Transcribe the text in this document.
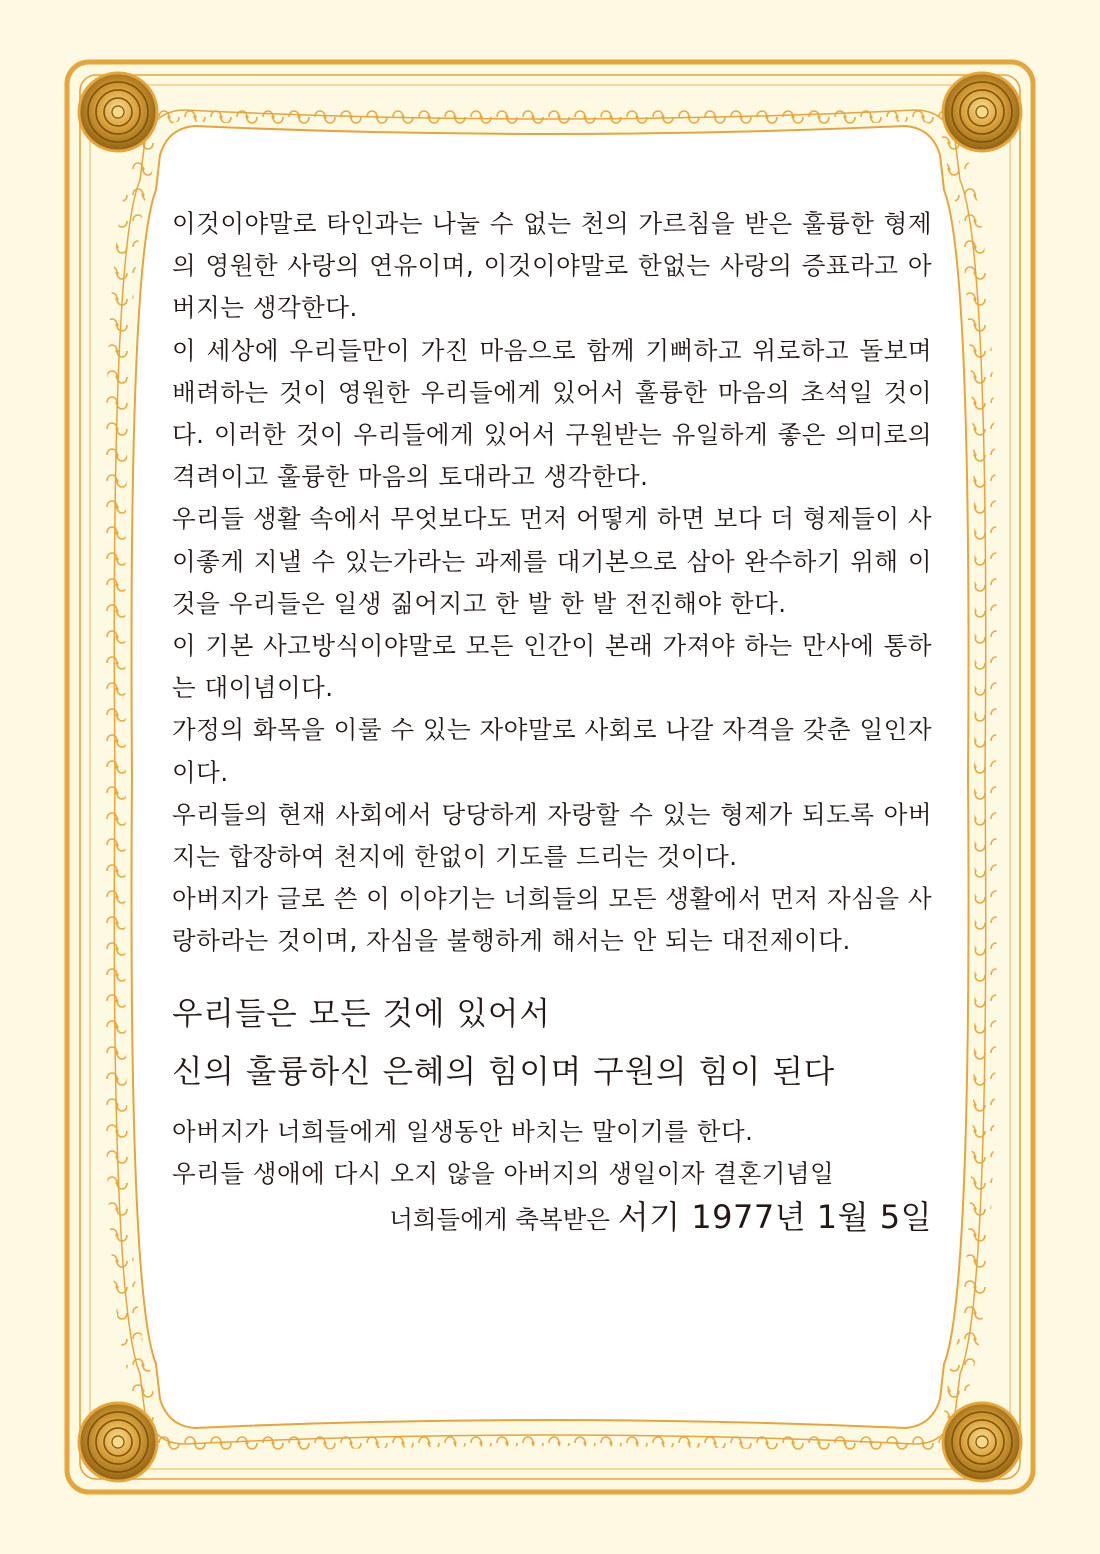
이것이야말로 타인과는 나눌 수 없는 천의 가르침을 받은 훌륭한 형제의 영원한 사랑의 연유이며, 이것이야말로 한없는 사랑의 증표라고 아버지는 생각한다.

이 세상에 우리들만이 가진 마음으로 함께 기뻐하고 위로하고 돌보며 배려하는 것이 영원한 우리들에게 있어서 훌륭한 마음의 초석일 것이다. 이러한 것이 우리들에게 있어서 구원받는 유일하게 좋은 의미로의 격려이고 훌륭한 마음의 토대라고 생각한다.

우리들 생활 속에서 무엇보다도 먼저 어떻게 하면 보다 더 형제들이 사이좋게 지낼 수 있는가라는 과제를 대기본으로 삼아 완수하기 위해 이것을 우리들은 일생 짊어지고 한 발 한 발 전진해야 한다.

이 기본 사고방식이야말로 모든 인간이 본래 가져야 하는 만사에 통하는 대이념이다.

가정의 화목을 이룰 수 있는 자야말로 사회로 나갈 자격을 갖춘 일인자이다.

우리들의 현재 사회에서 당당하게 자랑할 수 있는 형제가 되도록 아버지는 합장하여 천지에 한없이 기도를 드리는 것이다.

아버지가 글로 쓴 이 이야기는 너희들의 모든 생활에서 먼저 자심을 사랑하라는 것이며, 자심을 불행하게 해서는 안 되는 대전제이다.

우리들은 모든 것에 있어서
신의 훌륭하신 은혜의 힘이며 구원의 힘이 된다

아버지가 너희들에게 일생동안 바치는 말이기를 한다.

우리들 생애에 다시 오지 않을 아버지의 생일이자 결혼기념일

너희들에게 축복받은 서기 1977년 1월 5일
